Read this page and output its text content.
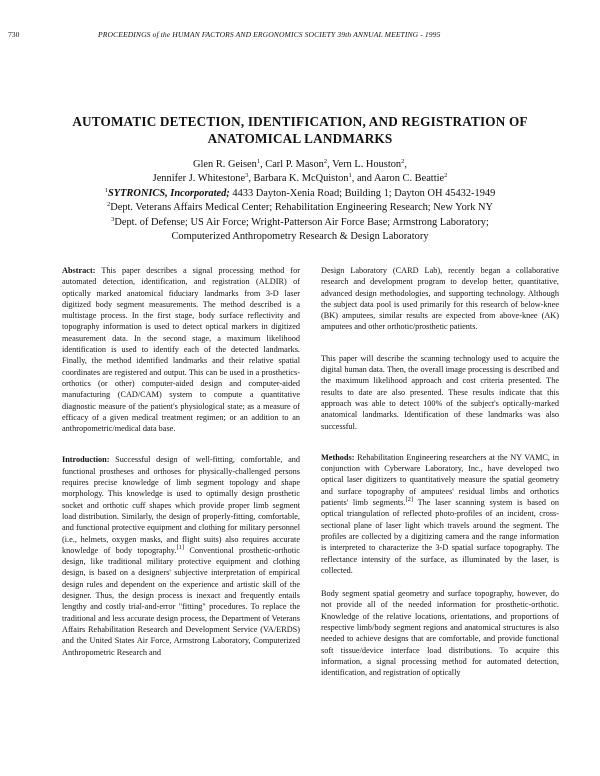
730	PROCEEDINGS of the HUMAN FACTORS AND ERGONOMICS SOCIETY 39th ANNUAL MEETING - 1995
AUTOMATIC DETECTION, IDENTIFICATION, AND REGISTRATION OF
ANATOMICAL LANDMARKS
Glen R. Geisen$^1$, Carl P. Mason$^2$, Vern L. Houston$^2$,
Jennifer J. Whitestone$^3$, Barbara K. McQuiston$^1$, and Aaron C. Beattie$^2$
$^1$SYTRONICS, Incorporated; 4433 Dayton-Xenia Road; Building 1; Dayton OH 45432-1949
$^2$Dept. Veterans Affairs Medical Center; Rehabilitation Engineering Research; New York NY
$^3$Dept. of Defense; US Air Force; Wright-Patterson Air Force Base; Armstrong Laboratory;
Computerized Anthropometry Research & Design Laboratory

Abstract: This paper describes a signal processing method for automated detection, identification, and registration (ALDIR) of optically marked anatomical fiduciary landmarks from 3-D laser digitized body segment measurements. The method described is a multistage process. In the first stage, body surface reflectivity and topography information is used to detect optical markers in digitized measurement data. In the second stage, a maximum likelihood identification is used to identify each of the detected landmarks. Finally, the method identified landmarks and their relative spatial coordinates are registered and output. This can be used in a prosthetics-orthotics (or other) computer-aided design and computer-aided manufacturing (CAD/CAM) system to compute a quantitative diagnostic measure of the patient's physiological state; as a measure of efficacy of a given medical treatment regimen; or an addition to an anthropometric/medical data base.

Introduction: Successful design of well-fitting, comfortable, and functional prostheses and orthoses for physically-challenged persons requires precise knowledge of limb segment topology and shape morphology. This knowledge is used to optimally design prosthetic socket and orthotic cuff shapes which provide proper limb segment load distribution. Similarly, the design of properly-fitting, comfortable, and functional protective equipment and clothing for military personnel (i.e., helmets, oxygen masks, and flight suits) also requires accurate knowledge of body topography.[1] Conventional prosthetic-orthotic design, like traditional military protective equipment and clothing design, is based on a designers' subjective interpretation of empirical design rules and dependent on the experience and artistic skill of the designer. Thus, the design process is inexact and frequently entails lengthy and costly trial-and-error "fitting" procedures. To replace the traditional and less accurate design process, the Department of Veterans Affairs Rehabilitation Research and Development Service (VA/ERDS) and the United States Air Force, Armstrong Laboratory, Computerized Anthropometric Research and

Design Laboratory (CARD Lab), recently began a collaborative research and development program to develop better, quantitative, advanced design methodologies, and supporting technology. Although the subject data pool is used primarily for this research of below-knee (BK) amputees, similar results are expected from above-knee (AK) amputees and other orthotic/prosthetic patients.

This paper will describe the scanning technology used to acquire the digital human data. Then, the overall image processing is described and the maximum likelihood approach and cost criteria presented. The results to date are also presented. These results indicate that this approach was able to detect 100% of the subject's optically-marked anatomical landmarks. Identification of these landmarks was also successful.

Methods: Rehabilitation Engineering researchers at the NY VAMC, in conjunction with Cyberware Laboratory, Inc., have developed two optical laser digitizers to quantitatively measure the spatial geometry and surface topography of amputees' residual limbs and orthotics patients' limb segments.[2] The laser scanning system is based on optical triangulation of reflected photo-profiles of an incident, cross-sectional plane of laser light which travels around the segment. The profiles are collected by a digitizing camera and the range information is interpreted to characterize the 3-D spatial surface topography. The reflectance intensity of the surface, as illuminated by the laser, is collected.

Body segment spatial geometry and surface topography, however, do not provide all of the needed information for prosthetic-orthotic. Knowledge of the relative locations, orientations, and proportions of respective limb/body segment regions and anatomical structures is also needed to achieve designs that are comfortable, and provide functional soft tissue/device interface load distributions. To acquire this information, a signal processing method for automated detection, identification, and registration of optically
